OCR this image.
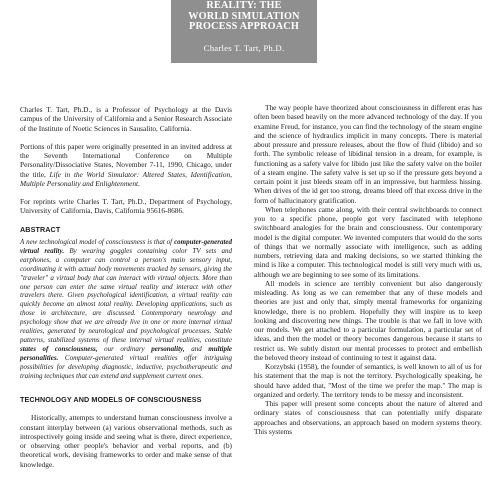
REALITY: THE
WORLD SIMULATION
PROCESS APPROACH
Charles T. Tart, Ph.D.

Charles T. Tart, Ph.D., is a Professor of Psychology at the Davis campus of the University of California and a Senior Research Associate of the Institute of Noetic Sciences in Sausalito, California.

Portions of this paper were originally presented in an invited address at the Seventh International Conference on Multiple Personality/Dissociative States, November 7-11, 1990, Chicago, under the title, Life in the World Simulator: Altered States, Identification, Multiple Personality and Enlightenment.

For reprints write Charles T. Tart, Ph.D., Department of Psychology, University of California, Davis, California 95616-8686.

ABSTRACT

A new technological model of consciousness is that of computer-generated virtual reality. By wearing goggles containing color TV sets and earphones, a computer can control a person's main sensory input, coordinating it with actual body movements tracked by sensors, giving the "traveler" a virtual body that can interact with virtual objects. More than one person can enter the same virtual reality and interact with other travelers there. Given psychological identification, a virtual reality can quickly become an almost total reality. Developing applications, such as those in architecture, are discussed. Contemporary neurology and psychology show that we are already live in one or more internal virtual realities, generated by neurological and psychological processes. Stable patterns, stabilized systems of these internal virtual realities, constitute states of consciousness, our ordinary personality, and multiple personalities. Computer-generated virtual realities offer intriguing possibilities for developing diagnostic, inductive, psychotherapeutic and training techniques that can extend and supplement current ones.

TECHNOLOGY AND MODELS OF CONSCIOUSNESS

Historically, attempts to understand human consciousness involve a constant interplay between (a) various observational methods, such as introspectively going inside and seeing what is there, direct experience, or observing other people's behavior and verbal reports, and (b) theoretical work, devising frameworks to order and make sense of that knowledge.

The way people have theorized about consciousness in different eras has often been based heavily on the more advanced technology of the day. If you examine Freud, for instance, you can find the technology of the steam engine and the science of hydraulics implicit in many concepts. There is material about pressure and pressure releases, about the flow of fluid (libido) and so forth. The symbolic release of libidinal tension in a dream, for example, is functioning as a safety valve for libido just like the safety valve on the boiler of a steam engine. The safety valve is set up so if the pressure gets beyond a certain point it just bleeds steam off in an impressive, but harmless hissing. When drives of the id get too strong, dreams bleed off that excess drive in the form of hallucinatory gratification.

When telephones came along, with their central switchboards to connect you to a specific phone, people got very fascinated with telephone switchboard analogies for the brain and consciousness. Our contemporary model is the digital computer. We invented computers that would do the sorts of things that we normally associate with intelligence, such as adding numbers, retrieving data and making decisions, so we started thinking the mind is like a computer. This technological model is still very much with us, although we are beginning to see some of its limitations.

All models in science are terribly convenient but also dangerously misleading. As long as we can remember that any of these models and theories are just and only that, simply mental frameworks for organizing knowledge, there is no problem. Hopefully they will inspire us to keep looking and discovering new things. The trouble is that we fall in love with our models. We get attached to a particular formulation, a particular set of ideas, and then the model or theory becomes dangerous because it starts to restrict us. We subtly distort our mental processes to protect and embellish the beloved theory instead of continuing to test it against data.

Korzybski (1958), the founder of semantics, is well known to all of us for his statement that the map is not the territory. Psychologically speaking, he should have added that, "Most of the time we prefer the map." The map is organized and orderly. The territory tends to be messy and inconsistent.

This paper will present some concepts about the nature of altered and ordinary states of consciousness that can potentially unify disparate approaches and observations, an approach based on modern systems theory. This systems
